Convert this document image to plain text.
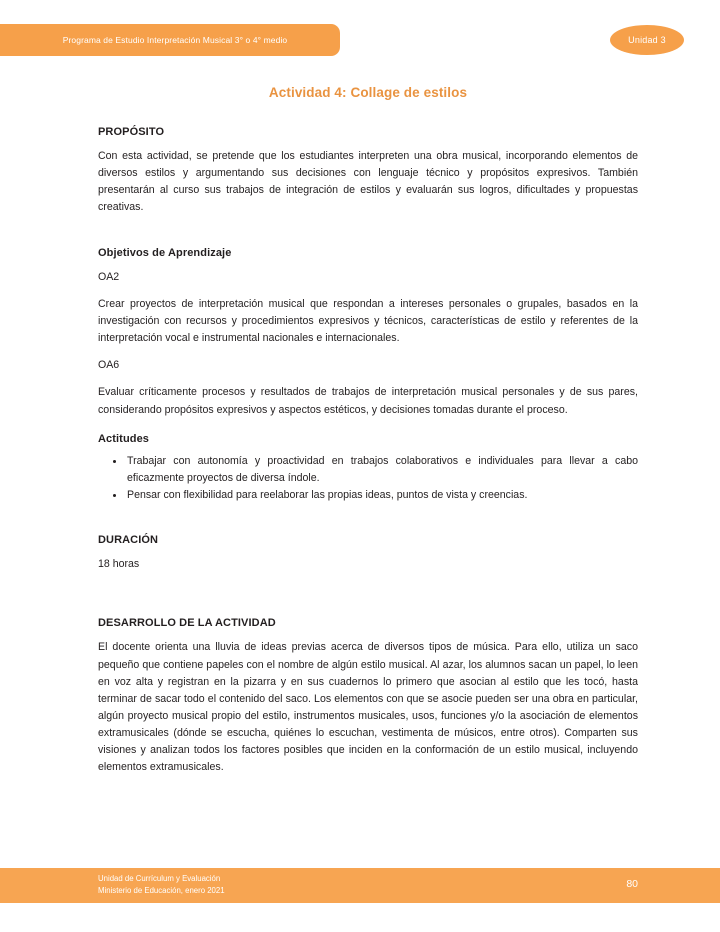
Programa de Estudio Interpretación Musical 3° o 4° medio	Unidad 3
Actividad 4: Collage de estilos
PROPÓSITO
Con esta actividad, se pretende que los estudiantes interpreten una obra musical, incorporando elementos de diversos estilos y argumentando sus decisiones con lenguaje técnico y propósitos expresivos. También presentarán al curso sus trabajos de integración de estilos y evaluarán sus logros, dificultades y propuestas creativas.
Objetivos de Aprendizaje
OA2
Crear proyectos de interpretación musical que respondan a intereses personales o grupales, basados en la investigación con recursos y procedimientos expresivos y técnicos, características de estilo y referentes de la interpretación vocal e instrumental nacionales e internacionales.
OA6
Evaluar críticamente procesos y resultados de trabajos de interpretación musical personales y de sus pares, considerando propósitos expresivos y aspectos estéticos, y decisiones tomadas durante el proceso.
Actitudes
Trabajar con autonomía y proactividad en trabajos colaborativos e individuales para llevar a cabo eficazmente proyectos de diversa índole.
Pensar con flexibilidad para reelaborar las propias ideas, puntos de vista y creencias.
DURACIÓN
18 horas
DESARROLLO DE LA ACTIVIDAD
El docente orienta una lluvia de ideas previas acerca de diversos tipos de música. Para ello, utiliza un saco pequeño que contiene papeles con el nombre de algún estilo musical. Al azar, los alumnos sacan un papel, lo leen en voz alta y registran en la pizarra y en sus cuadernos lo primero que asocian al estilo que les tocó, hasta terminar de sacar todo el contenido del saco. Los elementos con que se asocie pueden ser una obra en particular, algún proyecto musical propio del estilo, instrumentos musicales, usos, funciones y/o la asociación de elementos extramusicales (dónde se escucha, quiénes lo escuchan, vestimenta de músicos, entre otros). Comparten sus visiones y analizan todos los factores posibles que inciden en la conformación de un estilo musical, incluyendo elementos extramusicales.
Unidad de Currículum y Evaluación
Ministerio de Educación, enero 2021
80
